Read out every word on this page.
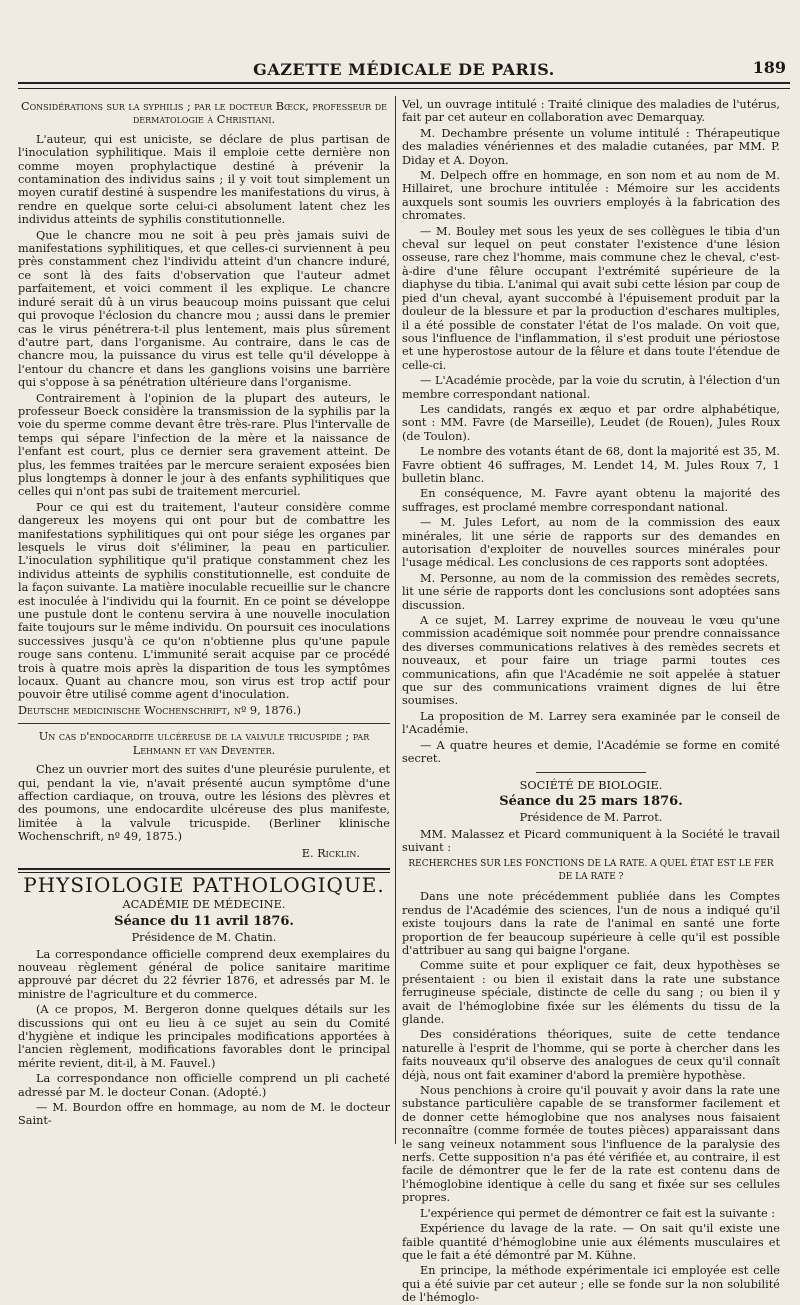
GAZETTE MÉDICALE DE PARIS.	189

Considérations sur la syphilis ; par le docteur Bœck, professeur de dermatologie à Christiani.

L'auteur, qui est uniciste, se déclare de plus partisan de l'inoculation syphilitique. Mais il emploie cette dernière non comme moyen prophylactique destiné à prévenir la contamination des individus sains ; il y voit tout simplement un moyen curatif destiné à suspendre les manifestations du virus, à rendre en quelque sorte celui-ci absolument latent chez les individus atteints de syphilis constitutionnelle.

Que le chancre mou ne soit à peu près jamais suivi de manifestations syphilitiques, et que celles-ci surviennent à peu près constamment chez l'individu atteint d'un chancre induré, ce sont là des faits d'observation que l'auteur admet parfaitement, et voici comment il les explique. Le chancre induré serait dû à un virus beaucoup moins puissant que celui qui provoque l'éclosion du chancre mou ; aussi dans le premier cas le virus pénétrera-t-il plus lentement, mais plus sûrement d'autre part, dans l'organisme. Au contraire, dans le cas de chancre mou, la puissance du virus est telle qu'il développe à l'entour du chancre et dans les ganglions voisins une barrière qui s'oppose à sa pénétration ultérieure dans l'organisme.

Contrairement à l'opinion de la plupart des auteurs, le professeur Boeck considère la transmission de la syphilis par la voie du sperme comme devant être très-rare. Plus l'intervalle de temps qui sépare l'infection de la mère et la naissance de l'enfant est court, plus ce dernier sera gravement atteint. De plus, les femmes traitées par le mercure seraient exposées bien plus longtemps à donner le jour à des enfants syphilitiques que celles qui n'ont pas subi de traitement mercuriel.

Pour ce qui est du traitement, l'auteur considère comme dangereux les moyens qui ont pour but de combattre les manifestations syphilitiques qui ont pour siége les organes par lesquels le virus doit s'éliminer, la peau en particulier. L'inoculation syphilitique qu'il pratique constamment chez les individus atteints de syphilis constitutionnelle, est conduite de la façon suivante. La matière inoculable recueillie sur le chancre est inoculée à l'individu qui la fournit. En ce point se développe une pustule dont le contenu servira à une nouvelle inoculation faite toujours sur le même individu. On poursuit ces inoculations successives jusqu'à ce qu'on n'obtienne plus qu'une papule rouge sans contenu. L'immunité serait acquise par ce procédé trois à quatre mois après la disparition de tous les symptômes locaux. Quant au chancre mou, son virus est trop actif pour pouvoir être utilisé comme agent d'inoculation.

Deutsche medicinische Wochenschrift, nº 9, 1876.)

Un cas d'endocardite ulcéreuse de la valvule tricuspide ; par Lehmann et van Deventer.

Chez un ouvrier mort des suites d'une pleurésie purulente, et qui, pendant la vie, n'avait présenté aucun symptôme d'une affection cardiaque, on trouva, outre les lésions des plèvres et des poumons, une endocardite ulcéreuse des plus manifeste, limitée à la valvule tricuspide. (Berliner klinische Wochenschrift, nº 49, 1875.)

E. Ricklin.

PHYSIOLOGIE PATHOLOGIQUE.

ACADÉMIE DE MÉDECINE.

Séance du 11 avril 1876.

Présidence de M. Chatin.

La correspondance officielle comprend deux exemplaires du nouveau règlement général de police sanitaire maritime approuvé par décret du 22 février 1876, et adressés par M. le ministre de l'agriculture et du commerce.

(A ce propos, M. Bergeron donne quelques détails sur les discussions qui ont eu lieu à ce sujet au sein du Comité d'hygiène et indique les principales modifications apportées à l'ancien règlement, modifications favorables dont le principal mérite revient, dit-il, à M. Fauvel.)

La correspondance non officielle comprend un pli cacheté adressé par M. le docteur Conan. (Adopté.)

— M. Bourdon offre en hommage, au nom de M. le docteur Saint-

Vel, un ouvrage intitulé : Traité clinique des maladies de l'utérus, fait par cet auteur en collaboration avec Demarquay.

M. Dechambre présente un volume intitulé : Thérapeutique des maladies vénériennes et des maladie cutanées, par MM. P. Diday et A. Doyon.

M. Delpech offre en hommage, en son nom et au nom de M. Hillairet, une brochure intitulée : Mémoire sur les accidents auxquels sont soumis les ouvriers employés à la fabrication des chromates.

— M. Bouley met sous les yeux de ses collègues le tibia d'un cheval sur lequel on peut constater l'existence d'une lésion osseuse, rare chez l'homme, mais commune chez le cheval, c'est-à-dire d'une fêlure occupant l'extrémité supérieure de la diaphyse du tibia. L'animal qui avait subi cette lésion par coup de pied d'un cheval, ayant succombé à l'épuisement produit par la douleur de la blessure et par la production d'eschares multiples, il a été possible de constater l'état de l'os malade. On voit que, sous l'influence de l'inflammation, il s'est produit une périostose et une hyperostose autour de la fêlure et dans toute l'étendue de celle-ci.

— L'Académie procède, par la voie du scrutin, à l'élection d'un membre correspondant national.

Les candidats, rangés ex æquo et par ordre alphabétique, sont : MM. Favre (de Marseille), Leudet (de Rouen), Jules Roux (de Toulon).

Le nombre des votants étant de 68, dont la majorité est 35, M. Favre obtient 46 suffrages, M. Lendet 14, M. Jules Roux 7, 1 bulletin blanc.

En conséquence, M. Favre ayant obtenu la majorité des suffrages, est proclamé membre correspondant national.

— M. Jules Lefort, au nom de la commission des eaux minérales, lit une série de rapports sur des demandes en autorisation d'exploiter de nouvelles sources minérales pour l'usage médical. Les conclusions de ces rapports sont adoptées.

M. Personne, au nom de la commission des remèdes secrets, lit une série de rapports dont les conclusions sont adoptées sans discussion.

A ce sujet, M. Larrey exprime de nouveau le vœu qu'une commission académique soit nommée pour prendre connaissance des diverses communications relatives à des remèdes secrets et nouveaux, et pour faire un triage parmi toutes ces communications, afin que l'Académie ne soit appelée à statuer que sur des communications vraiment dignes de lui être soumises.

La proposition de M. Larrey sera examinée par le conseil de l'Académie.

— A quatre heures et demie, l'Académie se forme en comité secret.

SOCIÉTÉ DE BIOLOGIE.

Séance du 25 mars 1876.

Présidence de M. Parrot.

MM. Malassez et Picard communiquent à la Société le travail suivant :

RECHERCHES SUR LES FONCTIONS DE LA RATE. A QUEL ÉTAT EST LE FER DE LA RATE ?

Dans une note précédemment publiée dans les Comptes rendus de l'Académie des sciences, l'un de nous a indiqué qu'il existe toujours dans la rate de l'animal en santé une forte proportion de fer beaucoup supérieure à celle qu'il est possible d'attribuer au sang qui baigne l'organe.

Comme suite et pour expliquer ce fait, deux hypothèses se présentaient : ou bien il existait dans la rate une substance ferrugineuse spéciale, distincte de celle du sang ; ou bien il y avait de l'hémoglobine fixée sur les éléments du tissu de la glande.

Des considérations théoriques, suite de cette tendance naturelle à l'esprit de l'homme, qui se porte à chercher dans les faits nouveaux qu'il observe des analogues de ceux qu'il connaît déjà, nous ont fait examiner d'abord la première hypothèse.

Nous penchions à croire qu'il pouvait y avoir dans la rate une substance particulière capable de se transformer facilement et de donner cette hémoglobine que nos analyses nous faisaient reconnaître (comme formée de toutes pièces) apparaissant dans le sang veineux notamment sous l'influence de la paralysie des nerfs. Cette supposition n'a pas été vérifiée et, au contraire, il est facile de démontrer que le fer de la rate est contenu dans de l'hémoglobine identique à celle du sang et fixée sur ses cellules propres.

L'expérience qui permet de démontrer ce fait est la suivante :

Expérience du lavage de la rate. — On sait qu'il existe une faible quantité d'hémoglobine unie aux éléments musculaires et que le fait a été démontré par M. Kühne.

En principe, la méthode expérimentale ici employée est celle qui a été suivie par cet auteur ; elle se fonde sur la non solubilité de l'hémoglo-
